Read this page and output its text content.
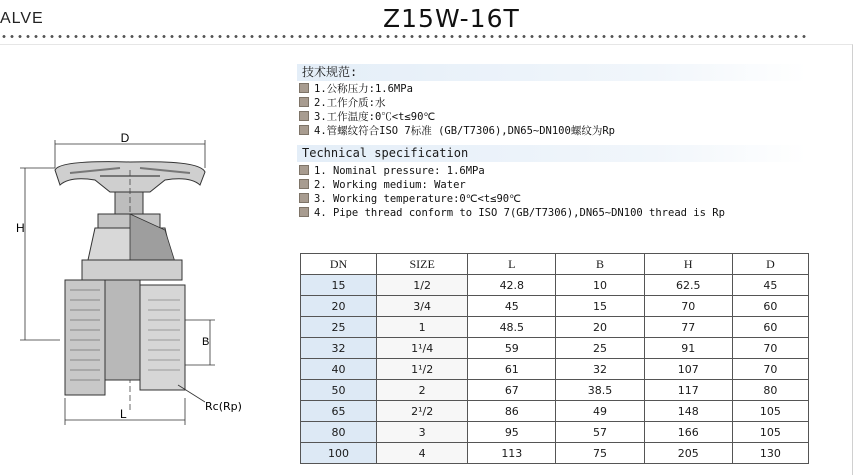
ALVE	Z15W-16T
技术规范:
1.公称压力:1.6MPa
2.工作介质:水
3.工作温度:0℃<t≤90℃
4.管螺纹符合ISO 7标准 (GB/T7306),DN65~DN100螺纹为Rp
Technical specification
1. Nominal pressure: 1.6MPa
2. Working medium: Water
3. Working temperature:0℃<t≤90℃
4. Pipe thread conform to ISO 7(GB/T7306),DN65~DN100 thread is Rp
D
H
B
L
Rc(Rp)
DN	SIZE	L	B	H	D
15	1/2	42.8	10	62.5	45
20	3/4	45	15	70	60
25	1	48.5	20	77	60
32	1¹/4	59	25	91	70
40	1¹/2	61	32	107	70
50	2	67	38.5	117	80
65	2¹/2	86	49	148	105
80	3	95	57	166	105
100	4	113	75	205	130
